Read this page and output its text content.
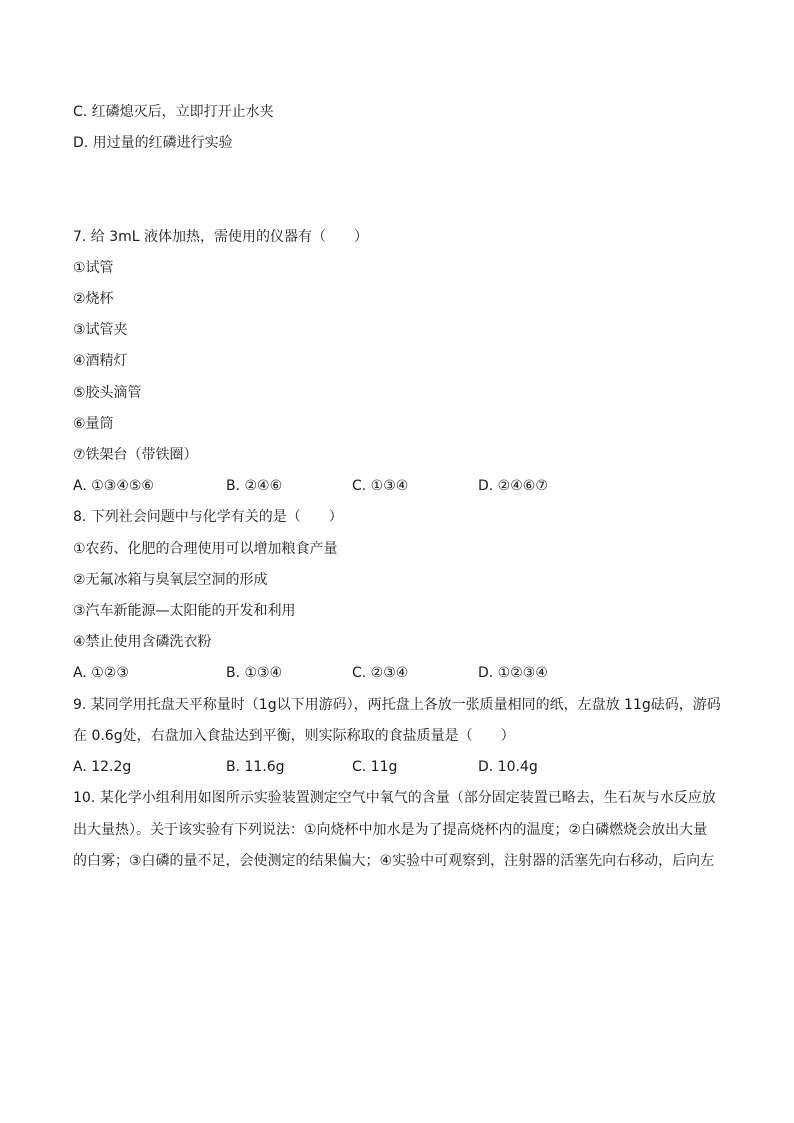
C. 红磷熄灭后，立即打开止水夹
D. 用过量的红磷进行实验
7. 给 3mL 液体加热，需使用的仪器有（　　）
①试管
②烧杯
③试管夹
④酒精灯
⑤胶头滴管
⑥量筒
⑦铁架台（带铁圈）
A. ①③④⑤⑥	B. ②④⑥	C. ①③④	D. ②④⑥⑦
8. 下列社会问题中与化学有关的是（　　）
①农药、化肥的合理使用可以增加粮食产量
②无氟冰箱与臭氧层空洞的形成
③汽车新能源—太阳能的开发和利用
④禁止使用含磷洗衣粉
A. ①②③	B. ①③④	C. ②③④	D. ①②③④
9. 某同学用托盘天平称量时（1g以下用游码），两托盘上各放一张质量相同的纸，左盘放 11g砝码，游码
在 0.6g处，右盘加入食盐达到平衡，则实际称取的食盐质量是（　　）
A. 12.2g	B. 11.6g	C. 11g	D. 10.4g
10. 某化学小组利用如图所示实验装置测定空气中氧气的含量（部分固定装置已略去，生石灰与水反应放
出大量热）。关于该实验有下列说法：①向烧杯中加水是为了提高烧杯内的温度；②白磷燃烧会放出大量
的白雾；③白磷的量不足，会使测定的结果偏大；④实验中可观察到，注射器的活塞先向右移动，后向左
